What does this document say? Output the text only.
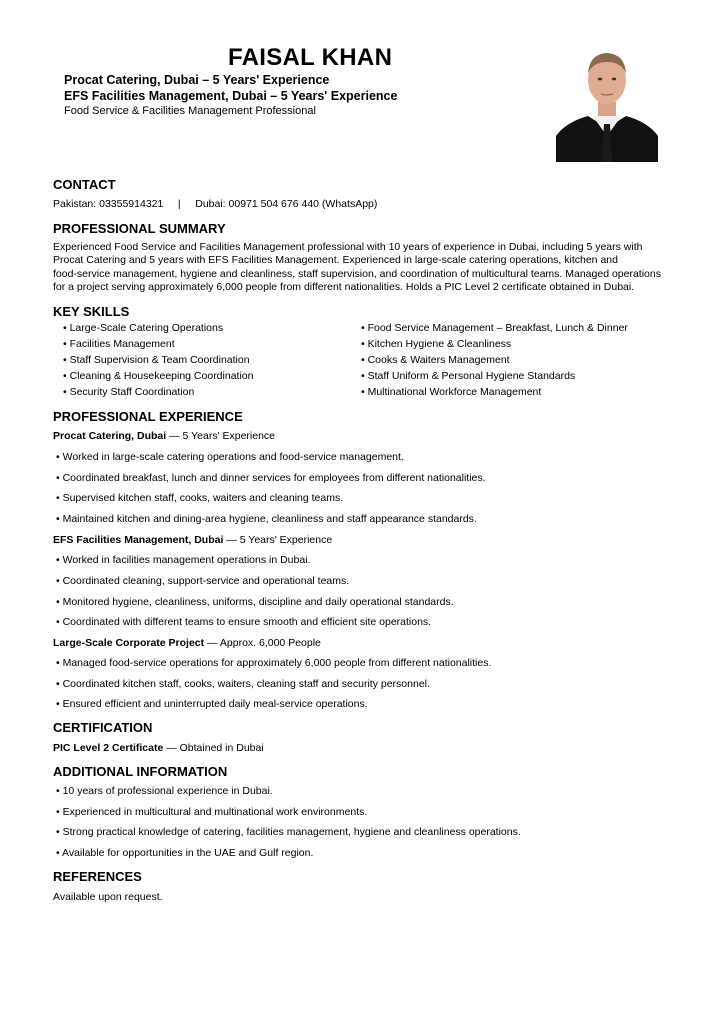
FAISAL KHAN
Procat Catering, Dubai – 5 Years' Experience
EFS Facilities Management, Dubai – 5 Years' Experience
Food Service & Facilities Management Professional
CONTACT
Pakistan: 03355914321     |     Dubai: 00971 504 676 440 (WhatsApp)
PROFESSIONAL SUMMARY
Experienced Food Service and Facilities Management professional with 10 years of experience in Dubai, including 5 years with
Procat Catering and 5 years with EFS Facilities Management. Experienced in large-scale catering operations, kitchen and
food-service management, hygiene and cleanliness, staff supervision, and coordination of multicultural teams. Managed operations
for a project serving approximately 6,000 people from different nationalities. Holds a PIC Level 2 certificate obtained in Dubai.
KEY SKILLS
• Large-Scale Catering Operations
• Facilities Management
• Staff Supervision & Team Coordination
• Cleaning & Housekeeping Coordination
• Security Staff Coordination
• Food Service Management – Breakfast, Lunch & Dinner
• Kitchen Hygiene & Cleanliness
• Cooks & Waiters Management
• Staff Uniform & Personal Hygiene Standards
• Multinational Workforce Management
PROFESSIONAL EXPERIENCE
Procat Catering, Dubai — 5 Years' Experience
• Worked in large-scale catering operations and food-service management.
• Coordinated breakfast, lunch and dinner services for employees from different nationalities.
• Supervised kitchen staff, cooks, waiters and cleaning teams.
• Maintained kitchen and dining-area hygiene, cleanliness and staff appearance standards.
EFS Facilities Management, Dubai — 5 Years' Experience
• Worked in facilities management operations in Dubai.
• Coordinated cleaning, support-service and operational teams.
• Monitored hygiene, cleanliness, uniforms, discipline and daily operational standards.
• Coordinated with different teams to ensure smooth and efficient site operations.
Large-Scale Corporate Project — Approx. 6,000 People
• Managed food-service operations for approximately 6,000 people from different nationalities.
• Coordinated kitchen staff, cooks, waiters, cleaning staff and security personnel.
• Ensured efficient and uninterrupted daily meal-service operations.
CERTIFICATION
PIC Level 2 Certificate — Obtained in Dubai
ADDITIONAL INFORMATION
• 10 years of professional experience in Dubai.
• Experienced in multicultural and multinational work environments.
• Strong practical knowledge of catering, facilities management, hygiene and cleanliness operations.
• Available for opportunities in the UAE and Gulf region.
REFERENCES
Available upon request.
